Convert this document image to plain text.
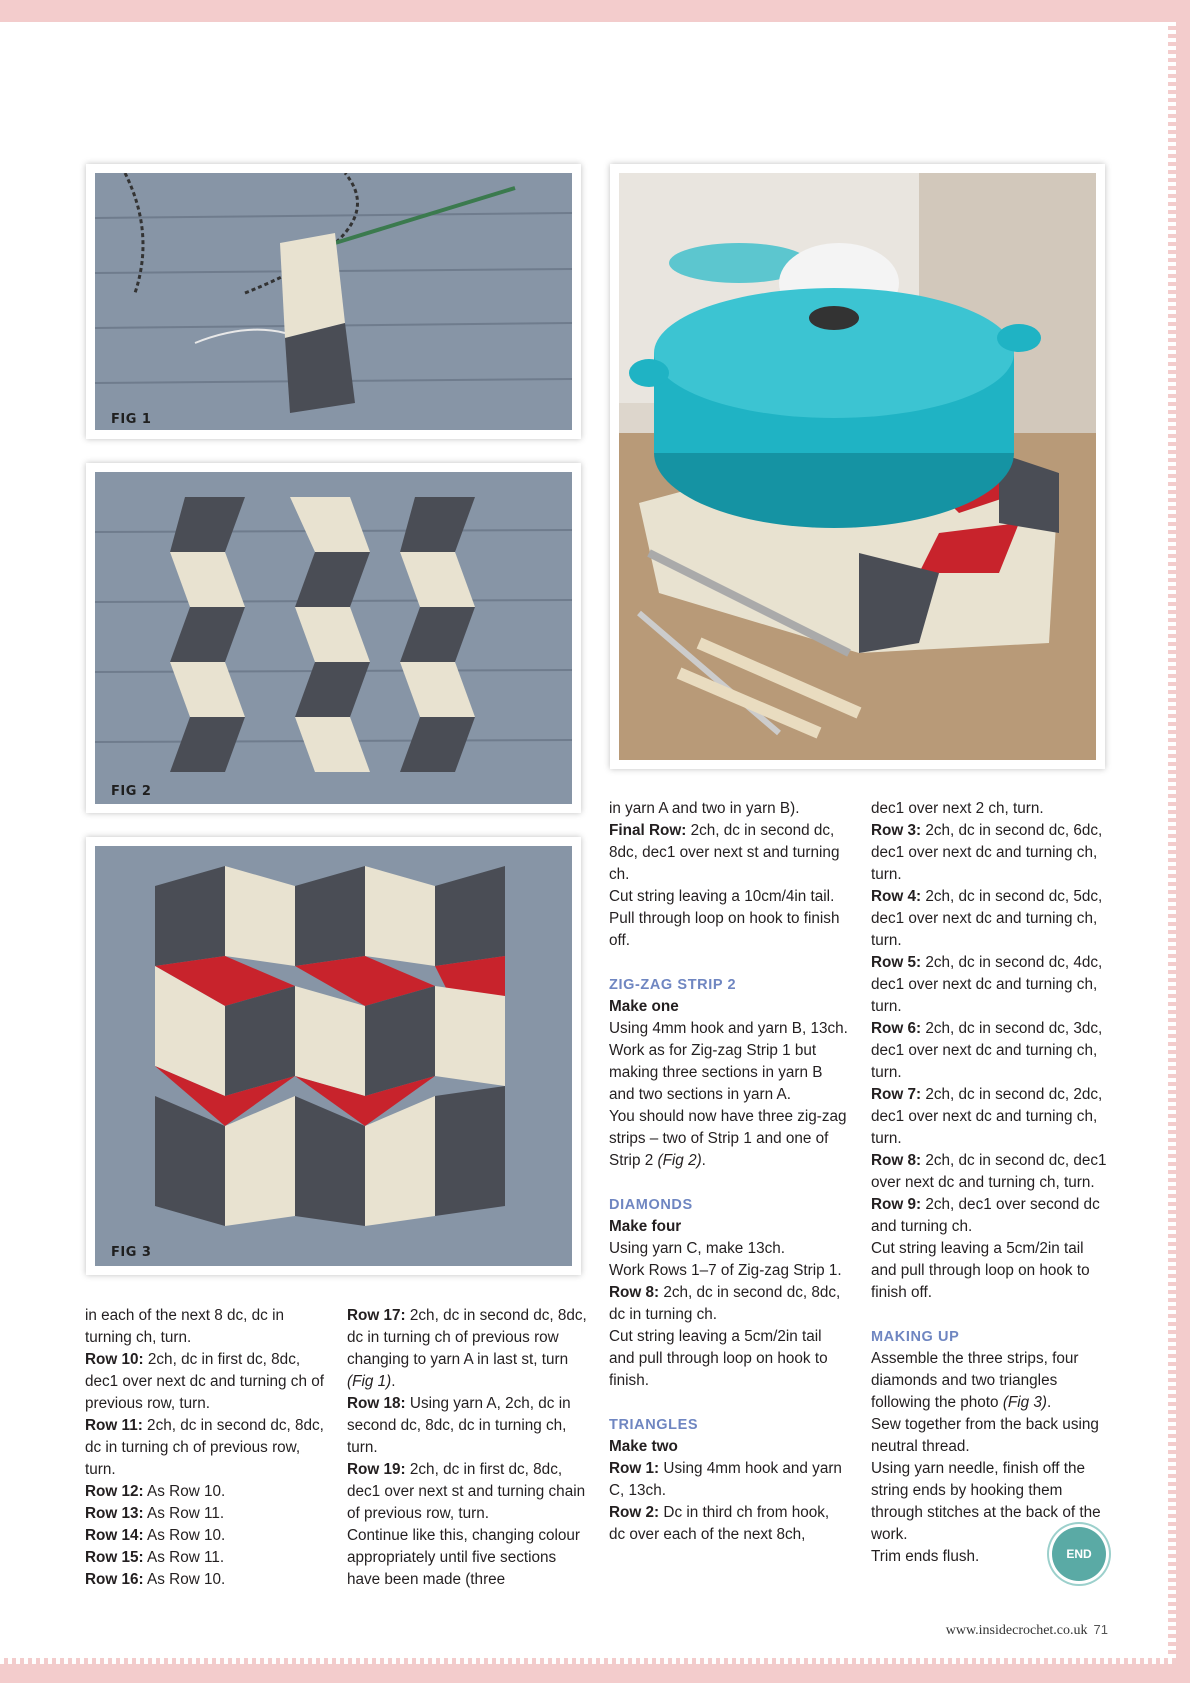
FIG 1
FIG 2
FIG 3

in each of the next 8 dc, dc in turning ch, turn.

Row 10: 2ch, dc in first dc, 8dc, dec1 over next dc and turning ch of previous row, turn.

Row 11: 2ch, dc in second dc, 8dc, dc in turning ch of previous row, turn.

Row 12: As Row 10.

Row 13: As Row 11.

Row 14: As Row 10.

Row 15: As Row 11.

Row 16: As Row 10.

Row 17: 2ch, dc in second dc, 8dc, dc in turning ch of previous row changing to yarn A in last st, turn (Fig 1).

Row 18: Using yarn A, 2ch, dc in second dc, 8dc, dc in turning ch, turn.

Row 19: 2ch, dc in first dc, 8dc, dec1 over next st and turning chain of previous row, turn.

Continue like this, changing colour appropriately until five sections have been made (three

in yarn A and two in yarn B).

Final Row: 2ch, dc in second dc, 8dc, dec1 over next st and turning ch.

Cut string leaving a 10cm/4in tail. Pull through loop on hook to finish off.

ZIG-ZAG STRIP 2

Make one

Using 4mm hook and yarn B, 13ch.

Work as for Zig-zag Strip 1 but making three sections in yarn B and two sections in yarn A.

You should now have three zig-zag strips – two of Strip 1 and one of Strip 2 (Fig 2).

DIAMONDS

Make four

Using yarn C, make 13ch.

Work Rows 1–7 of Zig-zag Strip 1.

Row 8: 2ch, dc in second dc, 8dc, dc in turning ch.

Cut string leaving a 5cm/2in tail and pull through loop on hook to finish.

TRIANGLES

Make two

Row 1: Using 4mm hook and yarn C, 13ch.

Row 2: Dc in third ch from hook, dc over each of the next 8ch,

dec1 over next 2 ch, turn.

Row 3: 2ch, dc in second dc, 6dc, dec1 over next dc and turning ch, turn.

Row 4: 2ch, dc in second dc, 5dc, dec1 over next dc and turning ch, turn.

Row 5: 2ch, dc in second dc, 4dc, dec1 over next dc and turning ch, turn.

Row 6: 2ch, dc in second dc, 3dc, dec1 over next dc and turning ch, turn.

Row 7: 2ch, dc in second dc, 2dc, dec1 over next dc and turning ch, turn.

Row 8: 2ch, dc in second dc, dec1 over next dc and turning ch, turn.

Row 9: 2ch, dec1 over second dc and turning ch.

Cut string leaving a 5cm/2in tail and pull through loop on hook to finish off.

MAKING UP

Assemble the three strips, four diamonds and two triangles following the photo (Fig 3).

Sew together from the back using neutral thread.

Using yarn needle, finish off the string ends by hooking them through stitches at the back of the work.

Trim ends flush.	END
www.insidecrochet.co.uk 71
